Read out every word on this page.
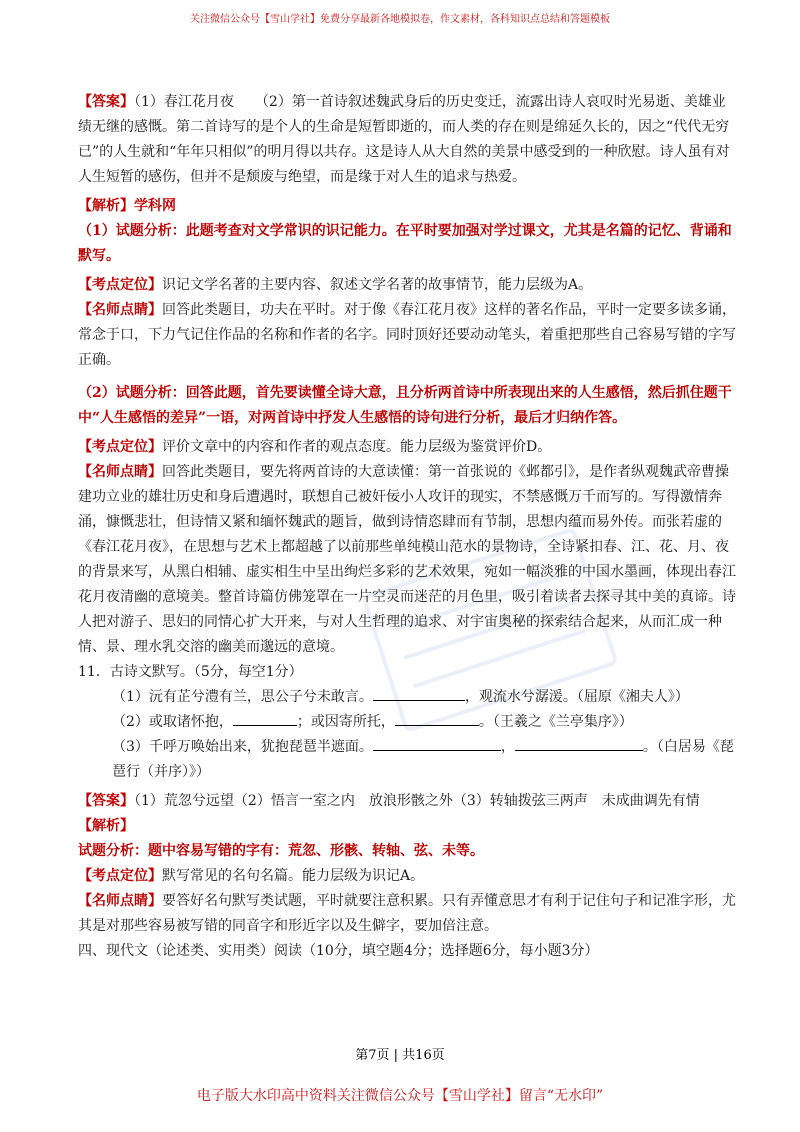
关注微信公众号【雪山学社】免费分享最新各地模拟卷，作文素材，各科知识点总结和答题模板

【答案】（1）春江花月夜　　（2）第一首诗叙述魏武身后的历史变迁，流露出诗人哀叹时光易逝、美雄业绩无继的感慨。第二首诗写的是个人的生命是短暂即逝的，而人类的存在则是绵延久长的，因之“代代无穷已”的人生就和“年年只相似”的明月得以共存。这是诗人从大自然的美景中感受到的一种欣慰。诗人虽有对人生短暂的感伤，但并不是颓废与绝望，而是缘于对人生的追求与热爱。

【解析】学科网

（1）试题分析：此题考查对文学常识的识记能力。在平时要加强对学过课文，尤其是名篇的记忆、背诵和默写。

【考点定位】识记文学名著的主要内容、叙述文学名著的故事情节，能力层级为A。

【名师点睛】回答此类题目，功夫在平时。对于像《春江花月夜》这样的著名作品，平时一定要多读多诵，常念于口，下力气记住作品的名称和作者的名字。同时顶好还要动动笔头，着重把那些自己容易写错的字写正确。

（2）试题分析：回答此题，首先要读懂全诗大意，且分析两首诗中所表现出来的人生感悟，然后抓住题干中“人生感悟的差异”一语，对两首诗中抒发人生感悟的诗句进行分析，最后才归纳作答。

【考点定位】评价文章中的内容和作者的观点态度。能力层级为鉴赏评价D。

【名师点睛】回答此类题目，要先将两首诗的大意读懂：第一首张说的《邺都引》，是作者纵观魏武帝曹操建功立业的雄壮历史和身后遭遇时，联想自己被奸佞小人攻讦的现实，不禁感慨万千而写的。写得激情奔涌，慷慨悲壮，但诗情又紧和缅怀魏武的题旨，做到诗情恣肆而有节制，思想内蕴而易外传。而张若虚的《春江花月夜》，在思想与艺术上都超越了以前那些单纯模山范水的景物诗，全诗紧扣春、江、花、月、夜的背景来写，从黑白相辅、虚实相生中呈出绚烂多彩的艺术效果，宛如一幅淡雅的中国水墨画，体现出春江花月夜清幽的意境美。整首诗篇仿佛笼罩在一片空灵而迷茫的月色里，吸引着读者去探寻其中美的真谛。诗人把对游子、思妇的同情心扩大开来，与对人生哲理的追求、对宇宙奥秘的探索结合起来，从而汇成一种情、景、理水乳交溶的幽美而邈远的意境。

11．古诗文默写。（5分，每空1分）

（1）沅有芷兮澧有兰，思公子兮未敢言。	，观流水兮潺湲。（屈原《湘夫人》）

（2）或取诸怀抱，	；或因寄所托，	。（王羲之《兰亭集序》）

（3）千呼万唤始出来，犹抱琵琶半遮面。	，	。（白居易《琵琶行（并序）》）

【答案】（1）荒忽兮远望（2）悟言一室之内　放浪形骸之外（3）转轴拨弦三两声　未成曲调先有情

【解析】

试题分析：题中容易写错的字有：荒忽、形骸、转轴、弦、未等。

【考点定位】默写常见的名句名篇。能力层级为识记A。

【名师点睛】要答好名句默写类试题，平时就要注意积累。只有弄懂意思才有利于记住句子和记准字形，尤其是对那些容易被写错的同音字和形近字以及生僻字，要加倍注意。

四、现代文（论述类、实用类）阅读（10分，填空题4分；选择题6分，每小题3分）

第7页 | 共16页
电子版大水印高中资料关注微信公众号【雪山学社】留言“无水印”
